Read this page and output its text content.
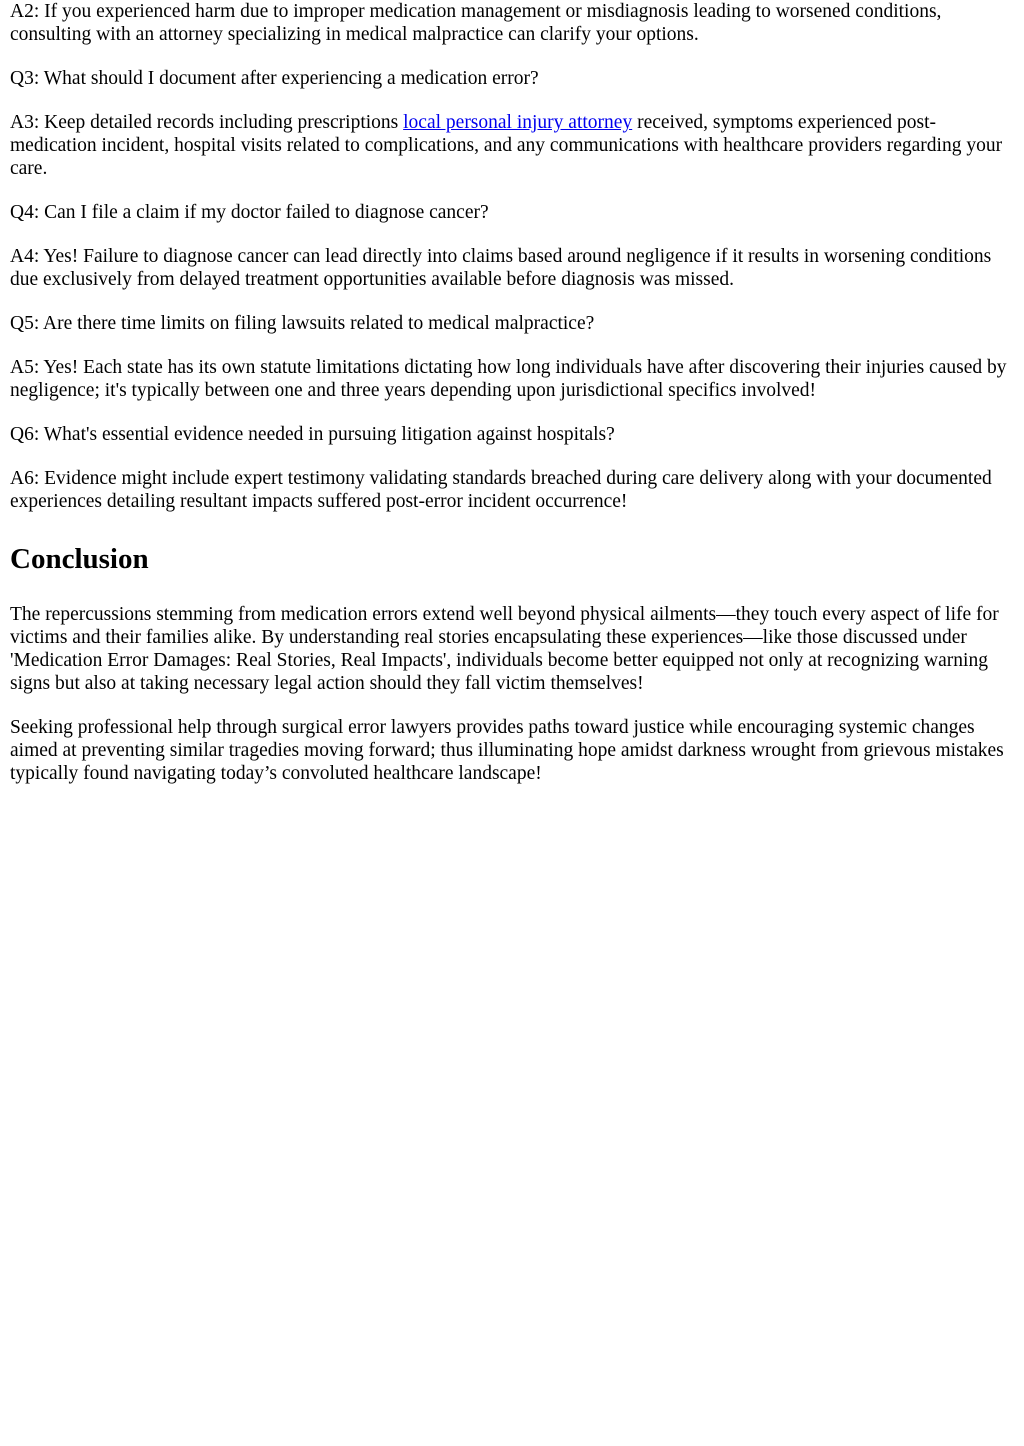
A2: If you experienced harm due to improper medication management or misdiagnosis leading to worsened conditions, consulting with an attorney specializing in medical malpractice can clarify your options.

Q3: What should I document after experiencing a medication error?

A3: Keep detailed records including prescriptions local personal injury attorney received, symptoms experienced post-medication incident, hospital visits related to complications, and any communications with healthcare providers regarding your care.

Q4: Can I file a claim if my doctor failed to diagnose cancer?

A4: Yes! Failure to diagnose cancer can lead directly into claims based around negligence if it results in worsening conditions due exclusively from delayed treatment opportunities available before diagnosis was missed.

Q5: Are there time limits on filing lawsuits related to medical malpractice?

A5: Yes! Each state has its own statute limitations dictating how long individuals have after discovering their injuries caused by negligence; it's typically between one and three years depending upon jurisdictional specifics involved!

Q6: What's essential evidence needed in pursuing litigation against hospitals?

A6: Evidence might include expert testimony validating standards breached during care delivery along with your documented experiences detailing resultant impacts suffered post-error incident occurrence!

Conclusion

The repercussions stemming from medication errors extend well beyond physical ailments—they touch every aspect of life for victims and their families alike. By understanding real stories encapsulating these experiences—like those discussed under 'Medication Error Damages: Real Stories, Real Impacts', individuals become better equipped not only at recognizing warning signs but also at taking necessary legal action should they fall victim themselves!

Seeking professional help through surgical error lawyers provides paths toward justice while encouraging systemic changes aimed at preventing similar tragedies moving forward; thus illuminating hope amidst darkness wrought from grievous mistakes typically found navigating today’s convoluted healthcare landscape!
